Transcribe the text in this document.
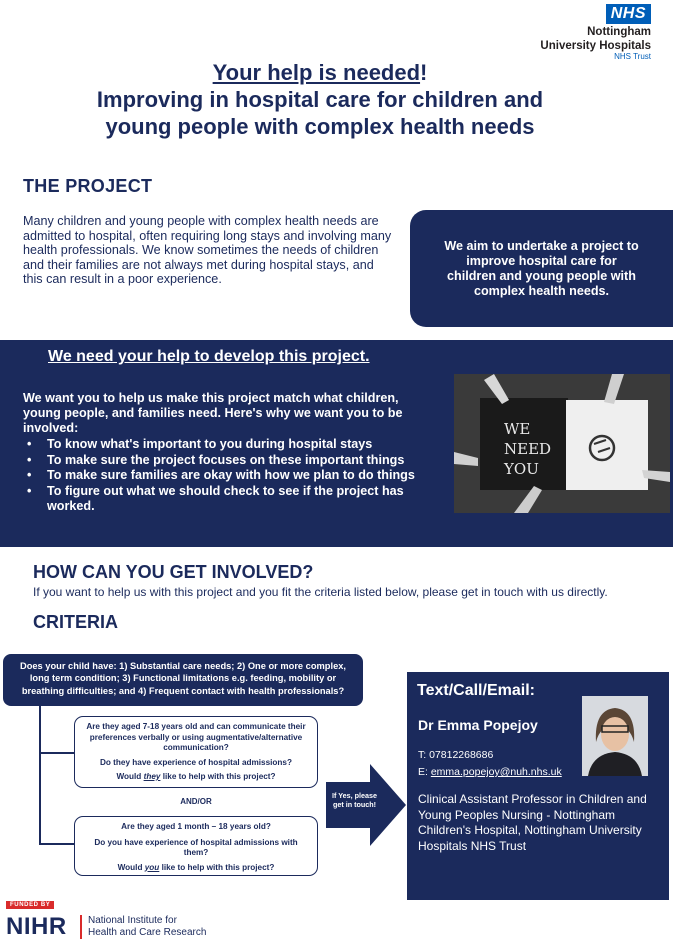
NHS
Nottingham
University Hospitals
NHS Trust
Your help is needed!
Improving in hospital care for children and
young people with complex health needs
THE PROJECT
Many children and young people with complex health needs are admitted to hospital, often requiring long stays and involving many health professionals. We know sometimes the needs of children and their families are not always met during hospital stays, and this can result in a poor experience.
We aim to undertake a project to improve hospital care for children and young people with complex health needs.
We need your help to develop this project.
We want you to help us make this project match what children, young people, and families need. Here's why we want you to be involved:
• To know what's important to you during hospital stays
• To make sure the project focuses on these important things
• To make sure families are okay with how we plan to do things
• To figure out what we should check to see if the project has worked.
WE
NEED
YOU
HOW CAN YOU GET INVOLVED?
If you want to help us with this project and you fit the criteria listed below, please get in touch with us directly.
CRITERIA
Does your child have: 1) Substantial care needs; 2) One or more complex, long term condition; 3) Functional limitations e.g. feeding, mobility or breathing difficulties; and 4) Frequent contact with health professionals?

Are they aged 7-18 years old and can communicate their preferences verbally or using augmentative/alternative communication?

Do they have experience of hospital admissions?

Would they like to help with this project?

AND/OR

Are they aged 1 month – 18 years old?

Do you have experience of hospital admissions with them?

Would you like to help with this project?

If Yes, please get in touch!
Text/Call/Email:
Dr Emma Popejoy
T: 07812268686
E: emma.popejoy@nuh.nhs.uk
Clinical Assistant Professor in Children and Young Peoples Nursing - Nottingham Children's Hospital, Nottingham University Hospitals NHS Trust
FUNDED BY
NIHR National Institute for
Health and Care Research
